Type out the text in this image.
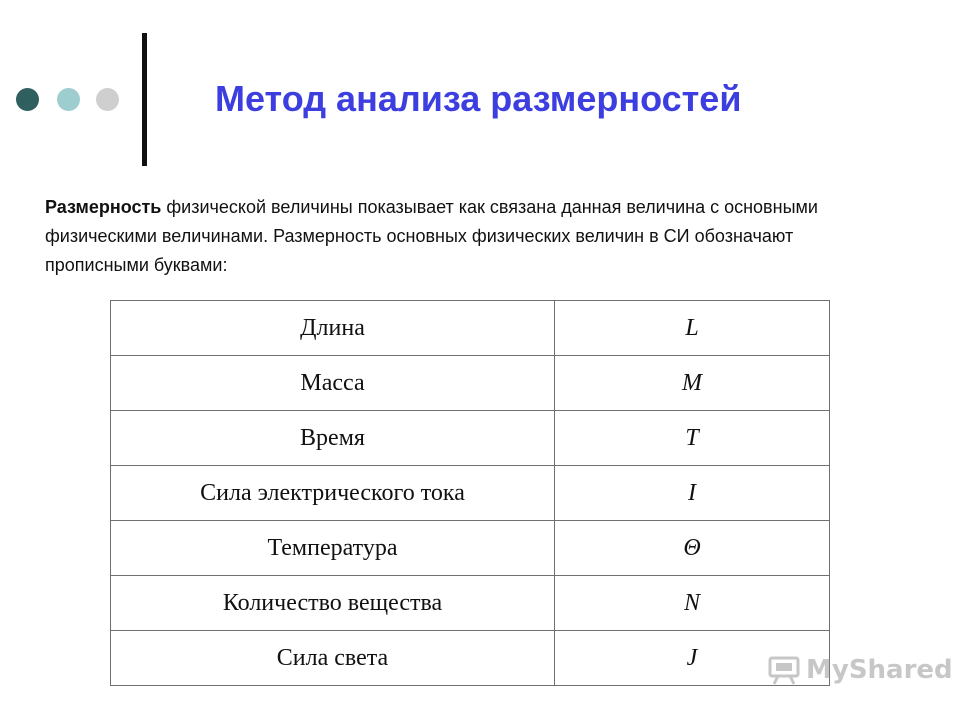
Метод анализа размерностей

Размерность физической величины показывает как связана данная величина с основными физическими величинами. Размерность основных физических величин в СИ обозначают прописными буквами:

Длина	L
Масса	M
Время	T
Сила электрического тока	I
Температура	Θ
Количество вещества	N
Сила света	J	MyShared
